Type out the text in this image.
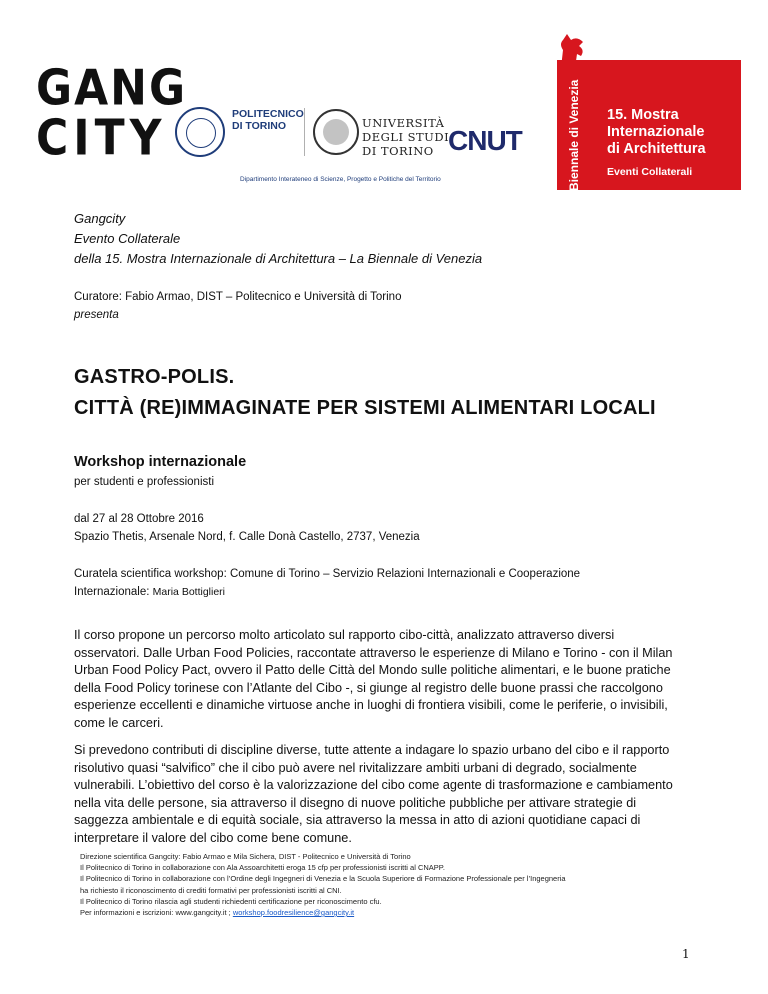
GANG
CITY	POLITECNICO
DI TORINO	UNIVERSITÀ
DEGLI STUDI
DI TORINO CNUT
Dipartimento Interateneo di Scienze, Progetto e Politiche del Territorio	la Biennale di Venezia 15. Mostra
Internazionale
di Architettura
Eventi Collaterali
Gangcity
Evento Collaterale
della 15. Mostra Internazionale di Architettura – La Biennale di Venezia
Curatore: Fabio Armao, DIST – Politecnico e Università di Torino
presenta
GASTRO-POLIS.
CITTÀ (RE)IMMAGINATE PER SISTEMI ALIMENTARI LOCALI
Workshop internazionale
per studenti e professionisti
dal 27 al 28 Ottobre 2016
Spazio Thetis, Arsenale Nord, f. Calle Donà Castello, 2737, Venezia
Curatela scientifica workshop: Comune di Torino – Servizio Relazioni Internazionali e Cooperazione
Internazionale: Maria Bottiglieri
Il corso propone un percorso molto articolato sul rapporto cibo-città, analizzato attraverso diversi
osservatori. Dalle Urban Food Policies, raccontate attraverso le esperienze di Milano e Torino - con il Milan
Urban Food Policy Pact, ovvero il Patto delle Città del Mondo sulle politiche alimentari, e le buone pratiche
della Food Policy torinese con l’Atlante del Cibo -, si giunge al registro delle buone prassi che raccolgono
esperienze eccellenti e dinamiche virtuose anche in luoghi di frontiera visibili, come le periferie, o invisibili,
come le carceri.
Si prevedono contributi di discipline diverse, tutte attente a indagare lo spazio urbano del cibo e il rapporto
risolutivo quasi “salvifico” che il cibo può avere nel rivitalizzare ambiti urbani di degrado, socialmente
vulnerabili. L’obiettivo del corso è la valorizzazione del cibo come agente di trasformazione e cambiamento
nella vita delle persone, sia attraverso il disegno di nuove politiche pubbliche per attivare strategie di
saggezza ambientale e di equità sociale, sia attraverso la messa in atto di azioni quotidiane capaci di
interpretare il valore del cibo come bene comune.
Direzione scientifica Gangcity: Fabio Armao e Mila Sichera, DIST - Politecnico e Università di Torino
Il Politecnico di Torino in collaborazione con Ala Assoarchitetti eroga 15 cfp per professionisti iscritti al CNAPP.
Il Politecnico di Torino in collaborazione con l’Ordine degli Ingegneri di Venezia e la Scuola Superiore di Formazione Professionale per l’Ingegneria
ha richiesto il riconoscimento di crediti formativi per professionisti iscritti al CNI.
Il Politecnico di Torino rilascia agli studenti richiedenti certificazione per riconoscimento cfu.
Per informazioni e iscrizioni: www.gangcity.it ; workshop.foodresilience@gangcity.it
1
